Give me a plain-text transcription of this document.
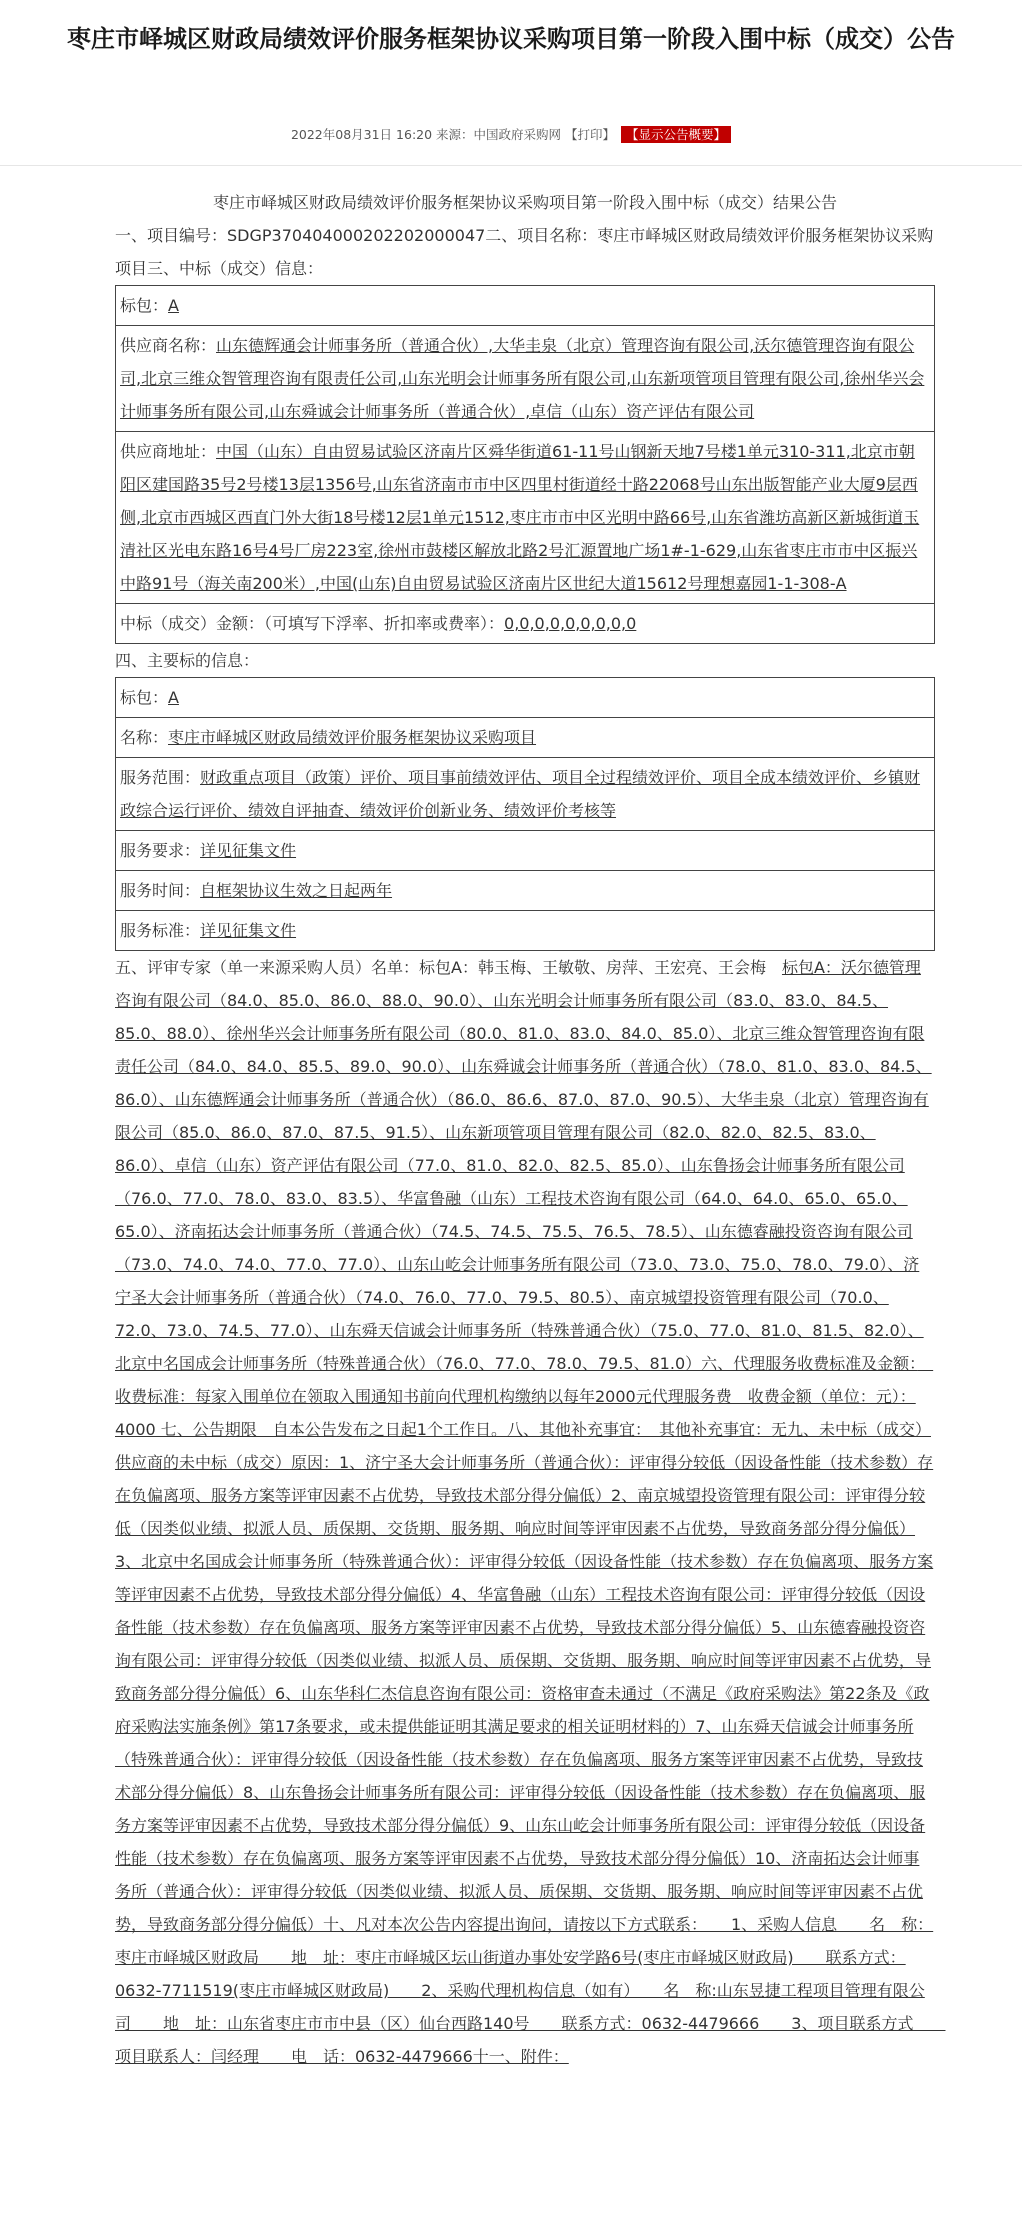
枣庄市峄城区财政局绩效评价服务框架协议采购项目第一阶段入围中标（成交）公告
2022年08月31日 16:20 来源：中国政府采购网 【打印】 【显示公告概要】

枣庄市峄城区财政局绩效评价服务框架协议采购项目第一阶段入围中标（成交）结果公告

一、项目编号：SDGP370404000202202000047二、项目名称：枣庄市峄城区财政局绩效评价服务框架协议采购项目三、中标（成交）信息：

标包：A
供应商名称：山东德辉通会计师事务所（普通合伙）,大华圭泉（北京）管理咨询有限公司,沃尔德管理咨询有限公司,北京三维众智管理咨询有限责任公司,山东光明会计师事务所有限公司,山东新项管项目管理有限公司,徐州华兴会计师事务所有限公司,山东舜诚会计师事务所（普通合伙）,卓信（山东）资产评估有限公司
供应商地址：中国（山东）自由贸易试验区济南片区舜华街道61-11号山钢新天地7号楼1单元310-311,北京市朝阳区建国路35号2号楼13层1356号,山东省济南市市中区四里村街道经十路22068号山东出版智能产业大厦9层西侧,北京市西城区西直门外大街18号楼12层1单元1512,枣庄市市中区光明中路66号,山东省潍坊高新区新城街道玉清社区光电东路16号4号厂房223室,徐州市鼓楼区解放北路2号汇源置地广场1#-1-629,山东省枣庄市市中区振兴中路91号（海关南200米）,中国(山东)自由贸易试验区济南片区世纪大道15612号理想嘉园1-1-308-A
中标（成交）金额：（可填写下浮率、折扣率或费率）：0,0,0,0,0,0,0,0,0

四、主要标的信息：

标包：A
名称：枣庄市峄城区财政局绩效评价服务框架协议采购项目
服务范围：财政重点项目（政策）评价、项目事前绩效评估、项目全过程绩效评价、项目全成本绩效评价、乡镇财政综合运行评价、绩效自评抽查、绩效评价创新业务、绩效评价考核等
服务要求：详见征集文件
服务时间：自框架协议生效之日起两年
服务标准：详见征集文件

五、评审专家（单一来源采购人员）名单：标包A：韩玉梅、王敏敬、房萍、王宏亮、王会梅　 标包A：沃尔德管理咨询有限公司（84.0、85.0、86.0、88.0、90.0）、山东光明会计师事务所有限公司（83.0、83.0、84.5、85.0、88.0）、徐州华兴会计师事务所有限公司（80.0、81.0、83.0、84.0、85.0）、北京三维众智管理咨询有限责任公司（84.0、84.0、85.5、89.0、90.0）、山东舜诚会计师事务所（普通合伙）（78.0、81.0、83.0、84.5、86.0）、山东德辉通会计师事务所（普通合伙）（86.0、86.6、87.0、87.0、90.5）、大华圭泉（北京）管理咨询有限公司（85.0、86.0、87.0、87.5、91.5）、山东新项管项目管理有限公司（82.0、82.0、82.5、83.0、86.0）、卓信（山东）资产评估有限公司（77.0、81.0、82.0、82.5、85.0）、山东鲁扬会计师事务所有限公司（76.0、77.0、78.0、83.0、83.5）、华富鲁融（山东）工程技术咨询有限公司（64.0、64.0、65.0、65.0、65.0）、济南拓达会计师事务所（普通合伙）（74.5、74.5、75.5、76.5、78.5）、山东德睿融投资咨询有限公司（73.0、74.0、74.0、77.0、77.0）、山东山屹会计师事务所有限公司（73.0、73.0、75.0、78.0、79.0）、济宁圣大会计师事务所（普通合伙）（74.0、76.0、77.0、79.5、80.5）、南京城望投资管理有限公司（70.0、72.0、73.0、74.5、77.0）、山东舜天信诚会计师事务所（特殊普通合伙）（75.0、77.0、81.0、81.5、82.0）、北京中名国成会计师事务所（特殊普通合伙）（76.0、77.0、78.0、79.5、81.0）六、代理服务收费标准及金额：　收费标准：每家入围单位在领取入围通知书前向代理机构缴纳以每年2000元代理服务费　收费金额（单位：元）：4000 七、公告期限　自本公告发布之日起1个工作日。八、其他补充事宜：　其他补充事宜：无九、未中标（成交）供应商的未中标（成交）原因：1、济宁圣大会计师事务所（普通合伙）：评审得分较低（因设备性能（技术参数）存在负偏离项、服务方案等评审因素不占优势，导致技术部分得分偏低）2、南京城望投资管理有限公司：评审得分较低（因类似业绩、拟派人员、质保期、交货期、服务期、响应时间等评审因素不占优势，导致商务部分得分偏低）3、北京中名国成会计师事务所（特殊普通合伙）：评审得分较低（因设备性能（技术参数）存在负偏离项、服务方案等评审因素不占优势，导致技术部分得分偏低）4、华富鲁融（山东）工程技术咨询有限公司：评审得分较低（因设备性能（技术参数）存在负偏离项、服务方案等评审因素不占优势，导致技术部分得分偏低）5、山东德睿融投资咨询有限公司：评审得分较低（因类似业绩、拟派人员、质保期、交货期、服务期、响应时间等评审因素不占优势，导致商务部分得分偏低）6、山东华科仁杰信息咨询有限公司：资格审查未通过（不满足《政府采购法》第22条及《政府采购法实施条例》第17条要求，或未提供能证明其满足要求的相关证明材料的）7、山东舜天信诚会计师事务所（特殊普通合伙）：评审得分较低（因设备性能（技术参数）存在负偏离项、服务方案等评审因素不占优势，导致技术部分得分偏低）8、山东鲁扬会计师事务所有限公司：评审得分较低（因设备性能（技术参数）存在负偏离项、服务方案等评审因素不占优势，导致技术部分得分偏低）9、山东山屹会计师事务所有限公司：评审得分较低（因设备性能（技术参数）存在负偏离项、服务方案等评审因素不占优势，导致技术部分得分偏低）10、济南拓达会计师事务所（普通合伙）：评审得分较低（因类似业绩、拟派人员、质保期、交货期、服务期、响应时间等评审因素不占优势，导致商务部分得分偏低）十、凡对本次公告内容提出询问，请按以下方式联系：　　1、采购人信息　　名　称：枣庄市峄城区财政局　　地　址：枣庄市峄城区坛山街道办事处安学路6号(枣庄市峄城区财政局)　　联系方式：0632-7711519(枣庄市峄城区财政局)　　2、采购代理机构信息（如有）　　名　称:山东昱捷工程项目管理有限公司　　地　址：山东省枣庄市市中县（区）仙台西路140号　　联系方式：0632-4479666　　3、项目联系方式　　项目联系人：闫经理　　电　话：0632-4479666十一、附件：
